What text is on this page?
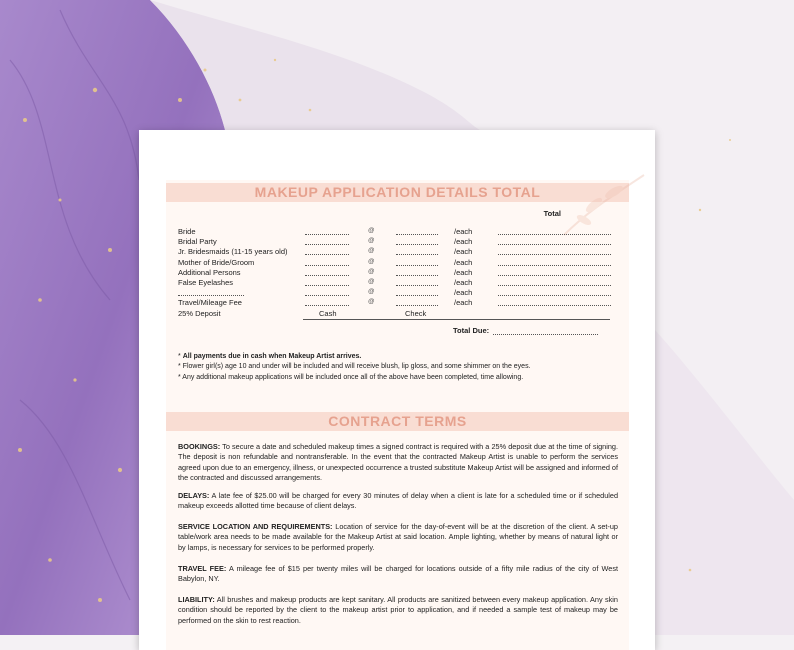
MAKEUP APPLICATION DETAILS TOTAL
Total
Bride	@	/each
Bridal Party	@	/each
Jr. Bridesmaids (11-15 years old)	@	/each
Mother of Bride/Groom	@	/each
Additional Persons	@	/each
False Eyelashes	@	/each
@	/each
Travel/Mileage Fee	@	/each
25% Deposit	Cash	Check
Total Due:
* All payments due in cash when Makeup Artist arrives.
* Flower girl(s) age 10 and under will be included and will receive blush, lip gloss, and some shimmer on the eyes.
* Any additional makeup applications will be included once all of the above have been completed, time allowing.
CONTRACT TERMS
BOOKINGS: To secure a date and scheduled makeup times a signed contract is required with a 25% deposit due at the time of signing. The deposit is non refundable and nontransferable. In the event that the contracted Makeup Artist is unable to perform the services agreed upon due to an emergency, illness, or unexpected occurrence a trusted substitute Makeup Artist will be assigned and informed of the contracted and discussed arrangements.
DELAYS: A late fee of $25.00 will be charged for every 30 minutes of delay when a client is late for a scheduled time or if scheduled makeup exceeds allotted time because of client delays.
SERVICE LOCATION AND REQUIREMENTS: Location of service for the day-of-event will be at the discretion of the client. A set-up table/work area needs to be made available for the Makeup Artist at said location. Ample lighting, whether by means of natural light or by lamps, is necessary for services to be performed properly.
TRAVEL FEE: A mileage fee of $15 per twenty miles will be charged for locations outside of a fifty mile radius of the city of West Babylon, NY.
LIABILITY: All brushes and makeup products are kept sanitary. All products are sanitized between every makeup application. Any skin condition should be reported by the client to the makeup artist prior to application, and if needed a sample test of makeup may be performed on the skin to rest reaction.
